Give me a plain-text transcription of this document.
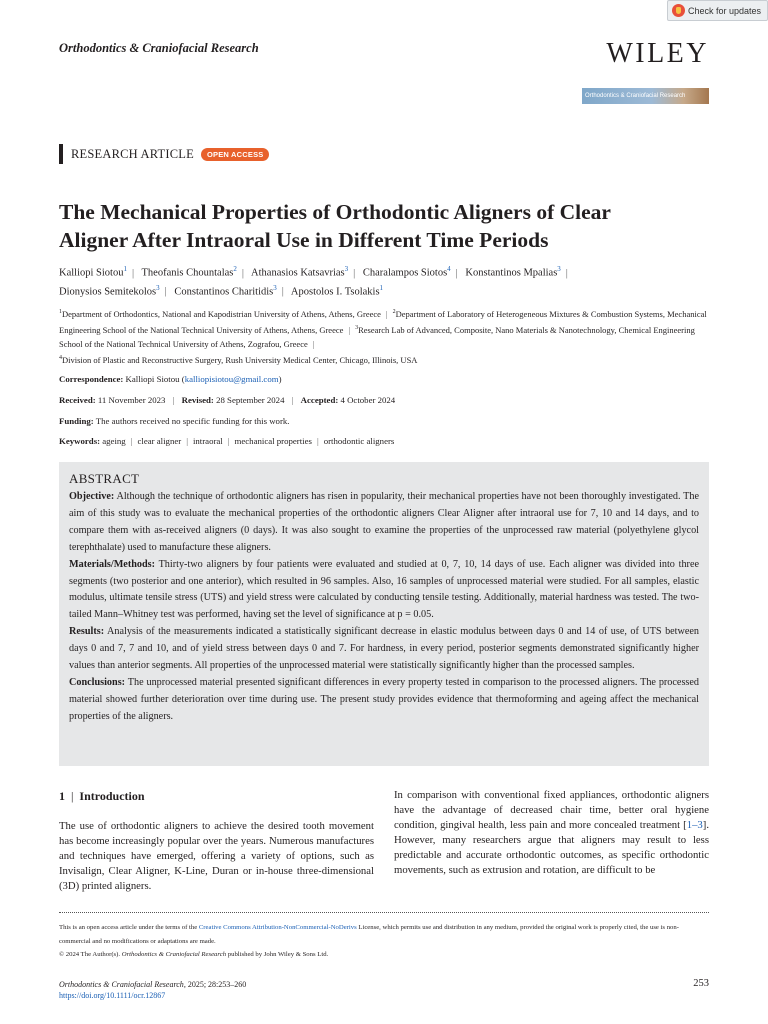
Check for updates
Orthodontics & Craniofacial Research	WILEY
Orthodontics & Craniofacial Research
RESEARCH ARTICLE	OPEN ACCESS
The Mechanical Properties of Orthodontic Aligners of Clear
Aligner After Intraoral Use in Different Time Periods
Kalliopi Siotou$^1$ | Theofanis Chountalas$^2$ | Athanasios Katsavrias$^3$ | Charalampos Siotos$^4$ | Konstantinos Mpalias$^3$ |
Dionysios Semitekolos$^3$ | Constantinos Charitidis$^3$ | Apostolos I. Tsolakis$^1$
$^1$Department of Orthodontics, National and Kapodistrian University of Athens, Athens, Greece | $^2$Department of Laboratory of Heterogeneous Mixtures & Combustion Systems, Mechanical Engineering School of the National Technical University of Athens, Athens, Greece | $^3$Research Lab of Advanced, Composite, Nano Materials & Nanotechnology, Chemical Engineering School of the National Technical University of Athens, Zografou, Greece |
$^4$Division of Plastic and Reconstructive Surgery, Rush University Medical Center, Chicago, Illinois, USA
Correspondence: Kalliopi Siotou (kalliopisiotou@gmail.com)
Received: 11 November 2023 | Revised: 28 September 2024 | Accepted: 4 October 2024
Funding: The authors received no specific funding for this work.
Keywords: ageing | clear aligner | intraoral | mechanical properties | orthodontic aligners
ABSTRACT

Objective: Although the technique of orthodontic aligners has risen in popularity, their mechanical properties have not been thoroughly investigated. The aim of this study was to evaluate the mechanical properties of the orthodontic aligners Clear Aligner after intraoral use for 7, 10 and 14 days, and to compare them with as-received aligners (0 days). It was also sought to examine the properties of the unprocessed raw material (polyethylene glycol terephthalate) used to manufacture these aligners.

Materials/Methods: Thirty-two aligners by four patients were evaluated and studied at 0, 7, 10, 14 days of use. Each aligner was divided into three segments (two posterior and one anterior), which resulted in 96 samples. Also, 16 samples of unprocessed material were studied. For all samples, elastic modulus, ultimate tensile stress (UTS) and yield stress were calculated by conducting tensile testing. Additionally, material hardness was tested. The two-tailed Mann–Whitney test was performed, having set the level of significance at p = 0.05.

Results: Analysis of the measurements indicated a statistically significant decrease in elastic modulus between days 0 and 14 of use, of UTS between days 0 and 7, 7 and 10, and of yield stress between days 0 and 7. For hardness, in every period, posterior segments demonstrated significantly higher values than anterior segments. All properties of the unprocessed material were statistically significantly higher than the processed samples.

Conclusions: The unprocessed material presented significant differences in every property tested in comparison to the processed aligners. The processed material showed further deterioration over time during use. The present study provides evidence that thermoforming and ageing affect the mechanical properties of the aligners.

1 | Introduction
The use of orthodontic aligners to achieve the desired tooth movement has become increasingly popular over the years. Numerous manufactures and techniques have emerged, offering a variety of options, such as Invisalign, Clear Aligner, K-Line, Duran or in-house three-dimensional (3D) printed aligners.
In comparison with conventional fixed appliances, orthodontic aligners have the advantage of decreased chair time, better oral hygiene condition, gingival health, less pain and more concealed treatment [1–3]. However, many researchers argue that aligners may result to less predictable and accurate orthodontic outcomes, as specific orthodontic movements, such as extrusion and rotation, are difficult to be
This is an open access article under the terms of the Creative Commons Attribution-NonCommercial-NoDerivs License, which permits use and distribution in any medium, provided the original work is properly cited, the use is non-commercial and no modifications or adaptations are made.
© 2024 The Author(s). Orthodontics & Craniofacial Research published by John Wiley & Sons Ltd.
Orthodontics & Craniofacial Research, 2025; 28:253–260
https://doi.org/10.1111/ocr.12867
253
